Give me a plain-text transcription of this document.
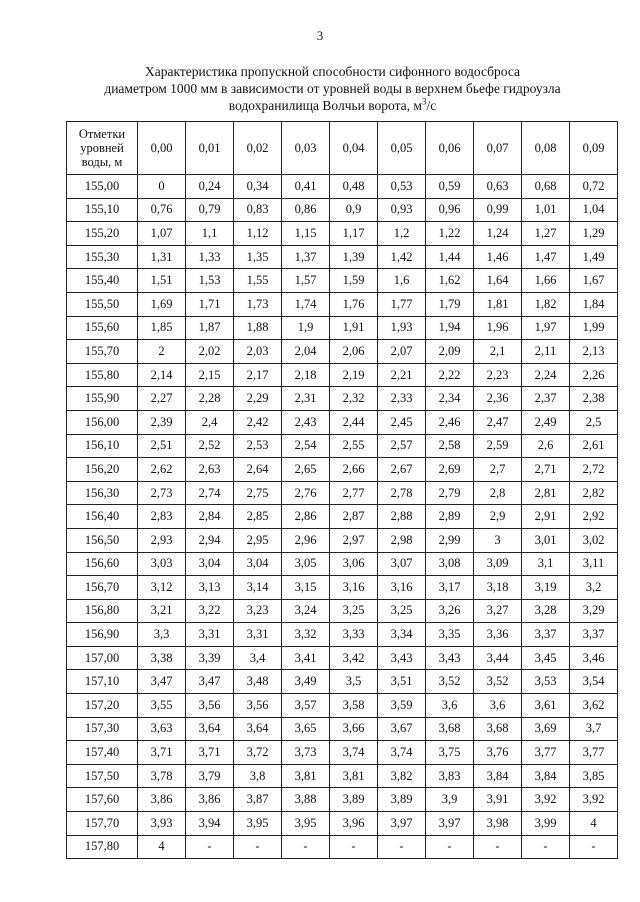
3
Характеристика пропускной способности сифонного водосброса
диаметром 1000 мм в зависимости от уровней воды в верхнем бьефе гидроузла
водохранилища Волчьи ворота, $м^3/с$
Отметки уровней воды, м	0,00	0,01	0,02	0,03	0,04	0,05	0,06	0,07	0,08	0,09
155,00	0	0,24	0,34	0,41	0,48	0,53	0,59	0,63	0,68	0,72
155,10	0,76	0,79	0,83	0,86	0,9	0,93	0,96	0,99	1,01	1,04
155,20	1,07	1,1	1,12	1,15	1,17	1,2	1,22	1,24	1,27	1,29
155,30	1,31	1,33	1,35	1,37	1,39	1,42	1,44	1,46	1,47	1,49
155,40	1,51	1,53	1,55	1,57	1,59	1,6	1,62	1,64	1,66	1,67
155,50	1,69	1,71	1,73	1,74	1,76	1,77	1,79	1,81	1,82	1,84
155,60	1,85	1,87	1,88	1,9	1,91	1,93	1,94	1,96	1,97	1,99
155,70	2	2,02	2,03	2,04	2,06	2,07	2,09	2,1	2,11	2,13
155,80	2,14	2,15	2,17	2,18	2,19	2,21	2,22	2,23	2,24	2,26
155,90	2,27	2,28	2,29	2,31	2,32	2,33	2,34	2,36	2,37	2,38
156,00	2,39	2,4	2,42	2,43	2,44	2,45	2,46	2,47	2,49	2,5
156,10	2,51	2,52	2,53	2,54	2,55	2,57	2,58	2,59	2,6	2,61
156,20	2,62	2,63	2,64	2,65	2,66	2,67	2,69	2,7	2,71	2,72
156,30	2,73	2,74	2,75	2,76	2,77	2,78	2,79	2,8	2,81	2,82
156,40	2,83	2,84	2,85	2,86	2,87	2,88	2,89	2,9	2,91	2,92
156,50	2,93	2,94	2,95	2,96	2,97	2,98	2,99	3	3,01	3,02
156,60	3,03	3,04	3,04	3,05	3,06	3,07	3,08	3,09	3,1	3,11
156,70	3,12	3,13	3,14	3,15	3,16	3,16	3,17	3,18	3,19	3,2
156,80	3,21	3,22	3,23	3,24	3,25	3,25	3,26	3,27	3,28	3,29
156,90	3,3	3,31	3,31	3,32	3,33	3,34	3,35	3,36	3,37	3,37
157,00	3,38	3,39	3,4	3,41	3,42	3,43	3,43	3,44	3,45	3,46
157,10	3,47	3,47	3,48	3,49	3,5	3,51	3,52	3,52	3,53	3,54
157,20	3,55	3,56	3,56	3,57	3,58	3,59	3,6	3,6	3,61	3,62
157,30	3,63	3,64	3,64	3,65	3,66	3,67	3,68	3,68	3,69	3,7
157,40	3,71	3,71	3,72	3,73	3,74	3,74	3,75	3,76	3,77	3,77
157,50	3,78	3,79	3,8	3,81	3,81	3,82	3,83	3,84	3,84	3,85
157,60	3,86	3,86	3,87	3,88	3,89	3,89	3,9	3,91	3,92	3,92
157,70	3,93	3,94	3,95	3,95	3,96	3,97	3,97	3,98	3,99	4
157,80	4	-	-	-	-	-	-	-	-	-
